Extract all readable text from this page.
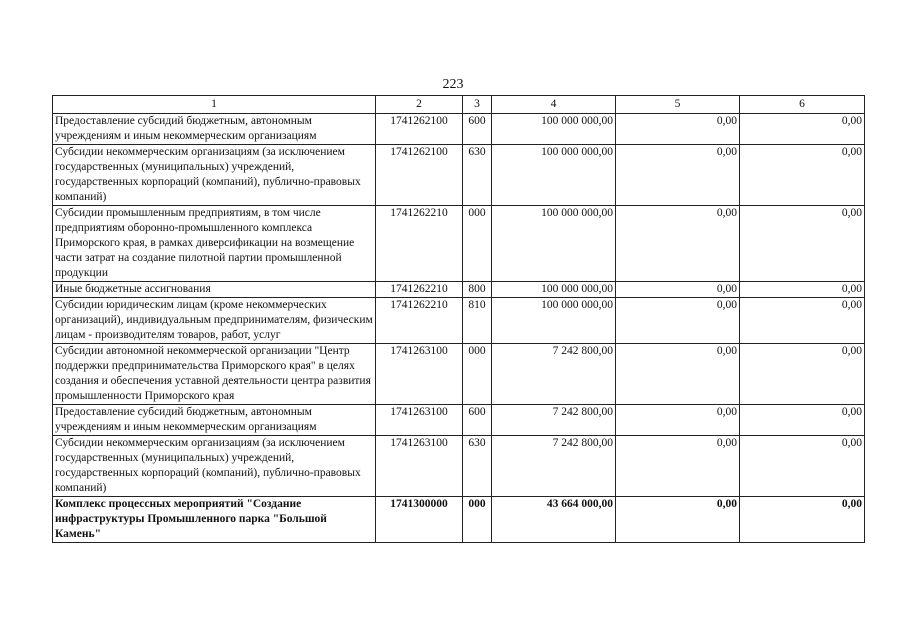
223
1	2	3	4	5	6
Предоставление субсидий бюджетным, автономным учреждениям и иным некоммерческим организациям	1741262100	600	100 000 000,00	0,00	0,00
Субсидии некоммерческим организациям (за исключением государственных (муниципальных) учреждений, государственных корпораций (компаний), публично-правовых компаний)	1741262100	630	100 000 000,00	0,00	0,00
Субсидии промышленным предприятиям, в том числе предприятиям оборонно-промышленного комплекса Приморского края, в рамках диверсификации на возмещение части затрат на создание пилотной партии промышленной продукции	1741262210	000	100 000 000,00	0,00	0,00
Иные бюджетные ассигнования	1741262210	800	100 000 000,00	0,00	0,00
Субсидии юридическим лицам (кроме некоммерческих организаций), индивидуальным предпринимателям, физическим лицам - производителям товаров, работ, услуг	1741262210	810	100 000 000,00	0,00	0,00
Субсидии автономной некоммерческой организации "Центр поддержки предпринимательства Приморского края" в целях создания и обеспечения уставной деятельности центра развития промышленности Приморского края	1741263100	000	7 242 800,00	0,00	0,00
Предоставление субсидий бюджетным, автономным учреждениям и иным некоммерческим организациям	1741263100	600	7 242 800,00	0,00	0,00
Субсидии некоммерческим организациям (за исключением государственных (муниципальных) учреждений, государственных корпораций (компаний), публично-правовых компаний)	1741263100	630	7 242 800,00	0,00	0,00
Комплекс процессных мероприятий "Создание инфраструктуры Промышленного парка "Большой Камень"	1741300000	000	43 664 000,00	0,00	0,00
